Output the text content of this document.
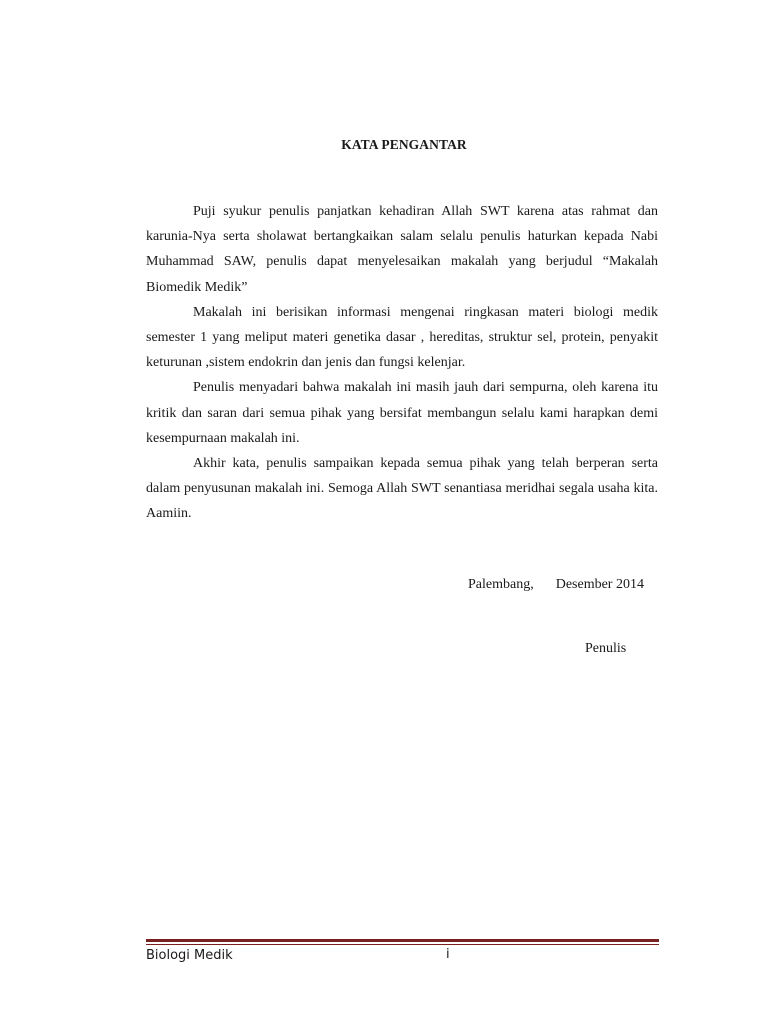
KATA PENGANTAR

Puji syukur penulis panjatkan kehadiran Allah SWT karena atas rahmat dan karunia-Nya serta sholawat bertangkaikan salam selalu penulis haturkan kepada Nabi Muhammad SAW, penulis dapat menyelesaikan makalah yang berjudul “Makalah Biomedik Medik”

Makalah ini berisikan informasi mengenai ringkasan materi biologi medik semester 1 yang meliput materi genetika dasar , hereditas, struktur sel, protein, penyakit keturunan ,sistem endokrin dan jenis dan fungsi kelenjar.

Penulis menyadari bahwa makalah ini masih jauh dari sempurna, oleh karena itu kritik dan saran dari semua pihak yang bersifat membangun selalu kami harapkan demi kesempurnaan makalah ini.

Akhir kata, penulis sampaikan kepada semua pihak yang telah berperan serta dalam penyusunan makalah ini. Semoga Allah SWT senantiasa meridhai segala usaha kita. Aamiin.

Palembang, Desember 2014
Penulis
Biologi Medik	i
